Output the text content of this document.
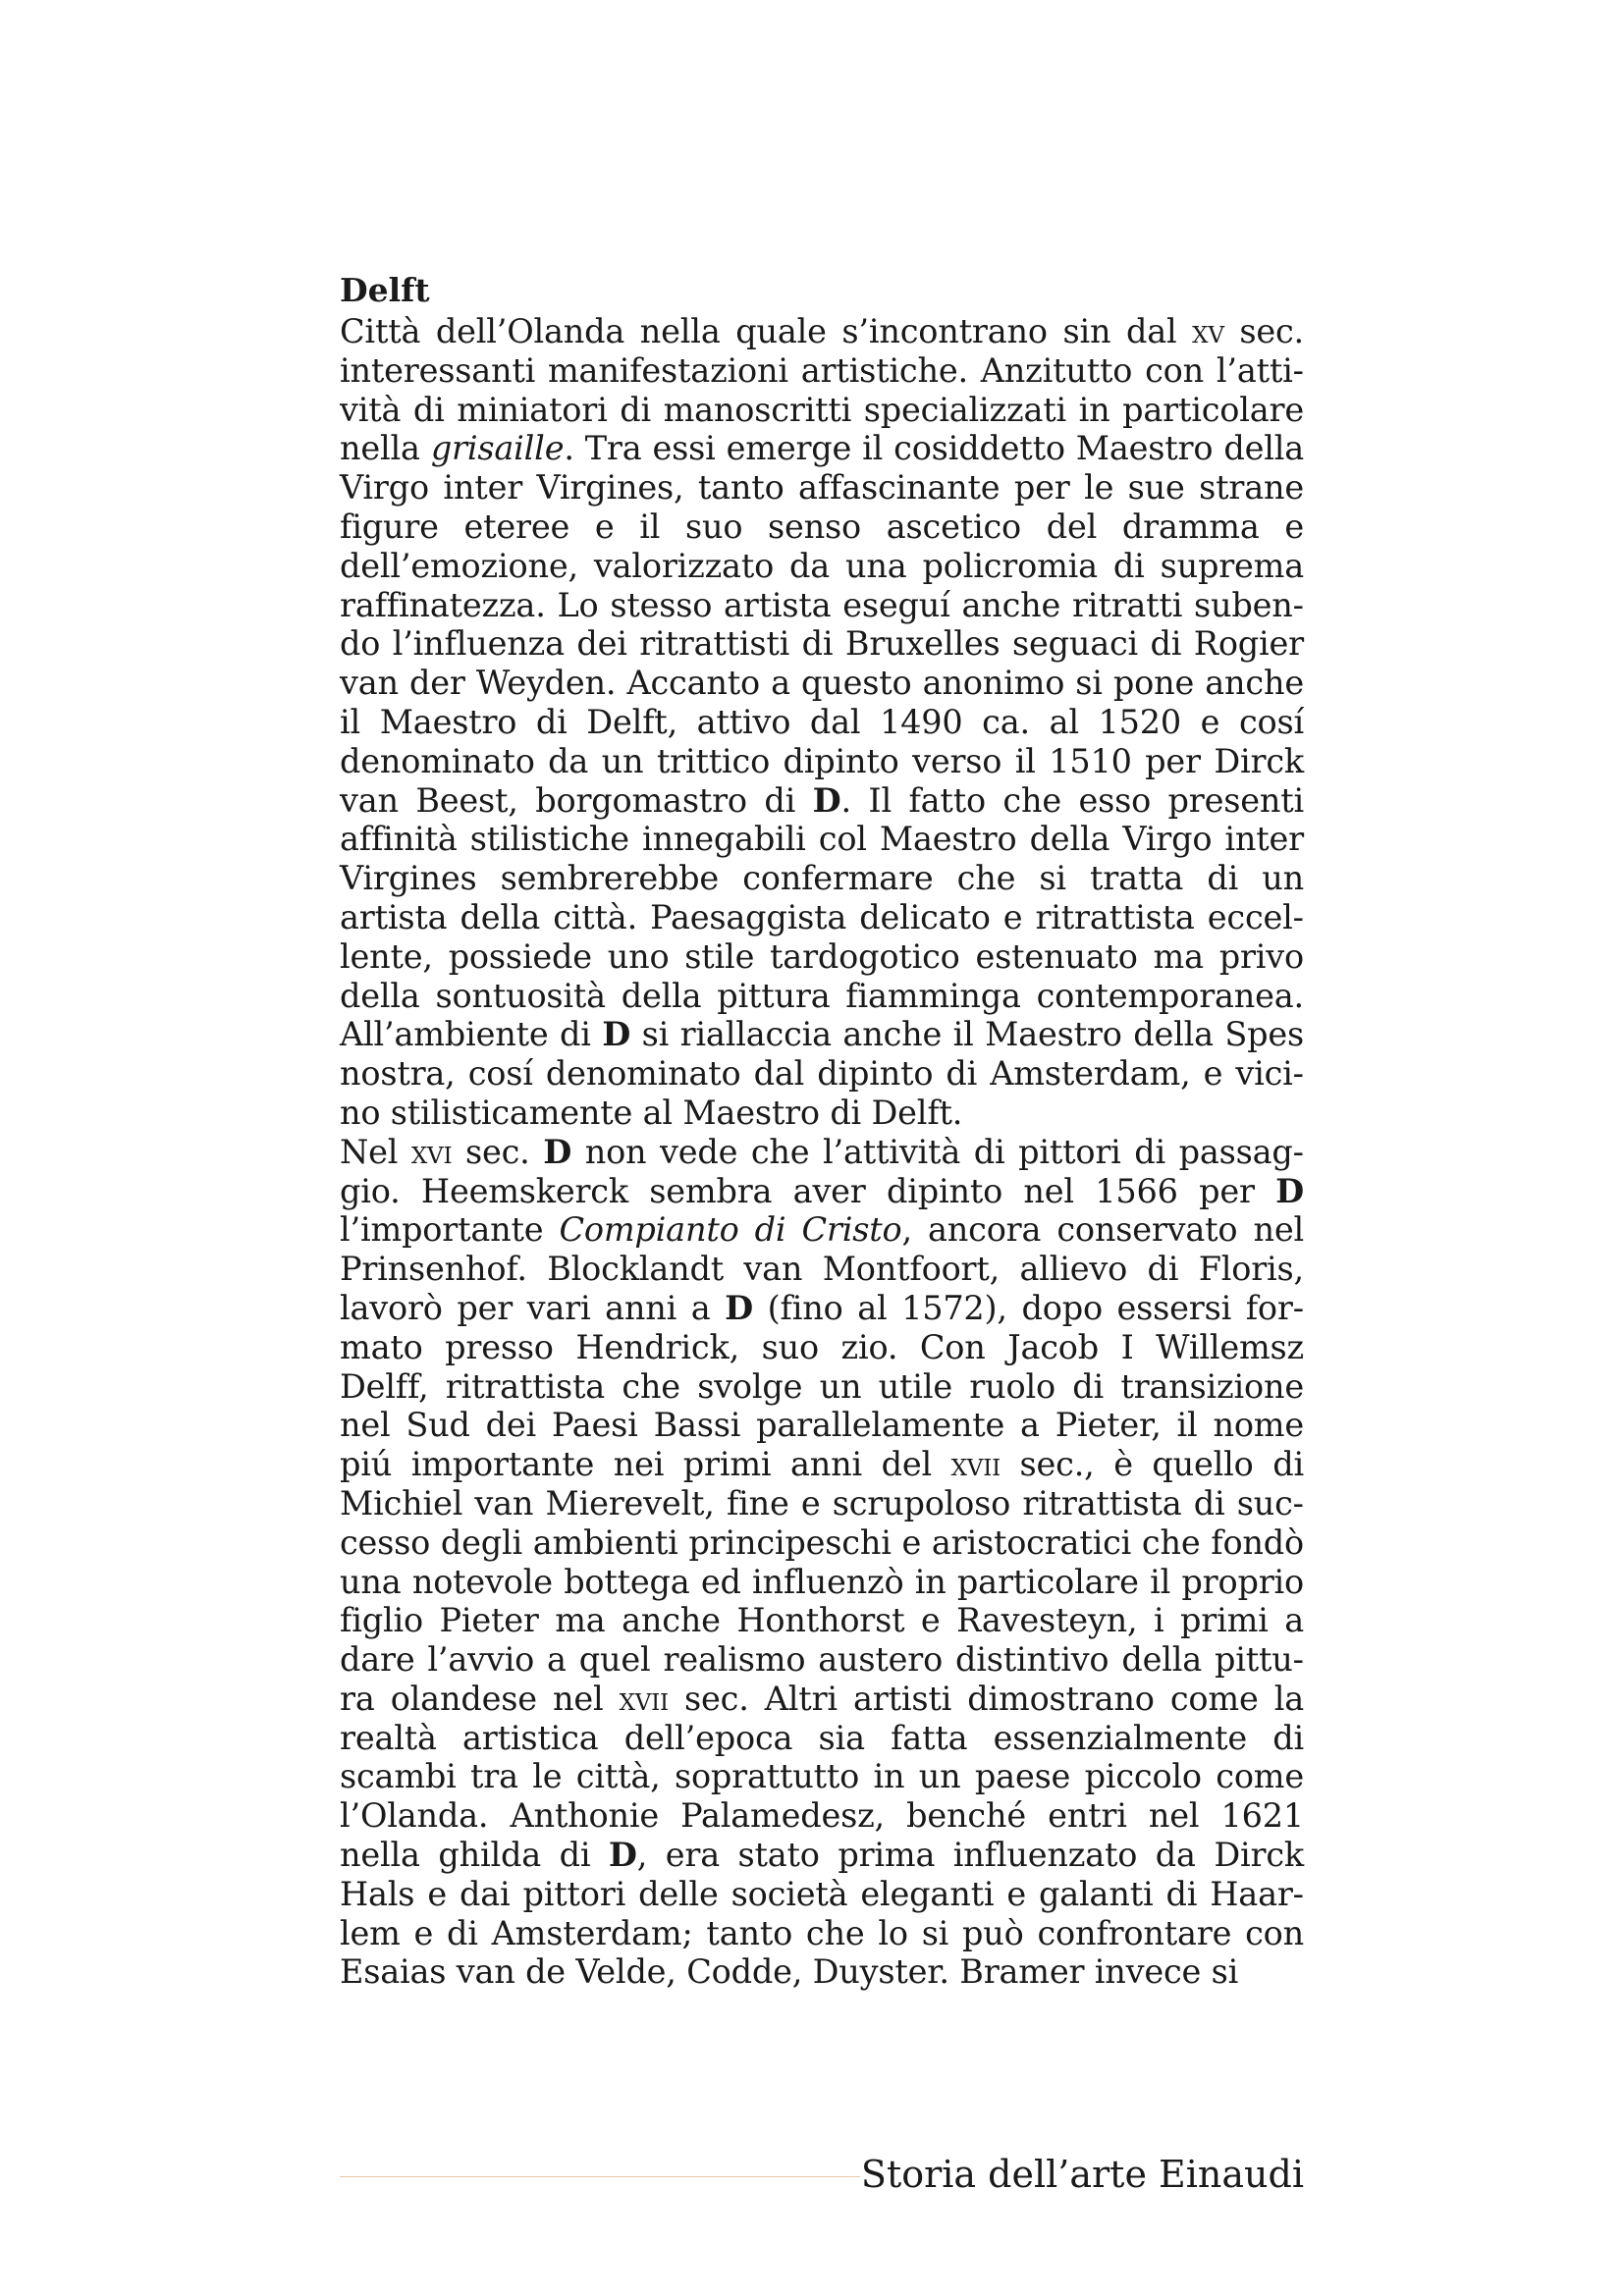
Delft

Città dell’Olanda nella quale s’incontrano sin dal xv sec. interessanti manifestazioni artistiche. Anzitutto con l’attività di miniatori di manoscritti specializzati in particolare nella grisaille. Tra essi emerge il cosiddetto Maestro della Virgo inter Virgines, tanto affascinante per le sue strane figure eteree e il suo senso ascetico del dramma e dell’emozione, valorizzato da una policromia di suprema raffinatezza. Lo stesso artista eseguí anche ritratti subendo l’influenza dei ritrattisti di Bruxelles seguaci di Rogier van der Weyden. Accanto a questo anonimo si pone anche il Maestro di Delft, attivo dal 1490 ca. al 1520 e cosí denominato da un trittico dipinto verso il 1510 per Dirck van Beest, borgomastro di D. Il fatto che esso presenti affinità stilistiche innegabili col Maestro della Virgo inter Virgines sembrerebbe confermare che si tratta di un artista della città. Paesaggista delicato e ritrattista eccellente, possiede uno stile tardogotico estenuato ma privo della sontuosità della pittura fiamminga contemporanea. All’ambiente di D si riallaccia anche il Maestro della Spes nostra, cosí denominato dal dipinto di Amsterdam, e vicino stilisticamente al Maestro di Delft.

Nel xvi sec. D non vede che l’attività di pittori di passaggio. Heemskerck sembra aver dipinto nel 1566 per D l’importante Compianto di Cristo, ancora conservato nel Prinsenhof. Blocklandt van Montfoort, allievo di Floris, lavorò per vari anni a D (fino al 1572), dopo essersi formato presso Hendrick, suo zio. Con Jacob I Willemsz Delff, ritrattista che svolge un utile ruolo di transizione nel Sud dei Paesi Bassi parallelamente a Pieter, il nome piú importante nei primi anni del xvii sec., è quello di Michiel van Mierevelt, fine e scrupoloso ritrattista di successo degli ambienti principeschi e aristocratici che fondò una notevole bottega ed influenzò in particolare il proprio figlio Pieter ma anche Honthorst e Ravesteyn, i primi a dare l’avvio a quel realismo austero distintivo della pittura olandese nel xvii sec. Altri artisti dimostrano come la realtà artistica dell’epoca sia fatta essenzialmente di scambi tra le città, soprattutto in un paese piccolo come l’Olanda. Anthonie Palamedesz, benché entri nel 1621 nella ghilda di D, era stato prima influenzato da Dirck Hals e dai pittori delle società eleganti e galanti di Haarlem e di Amsterdam; tanto che lo si può confrontare con Esaias van de Velde, Codde, Duyster. Bramer invece si

Storia dell’arte Einaudi
